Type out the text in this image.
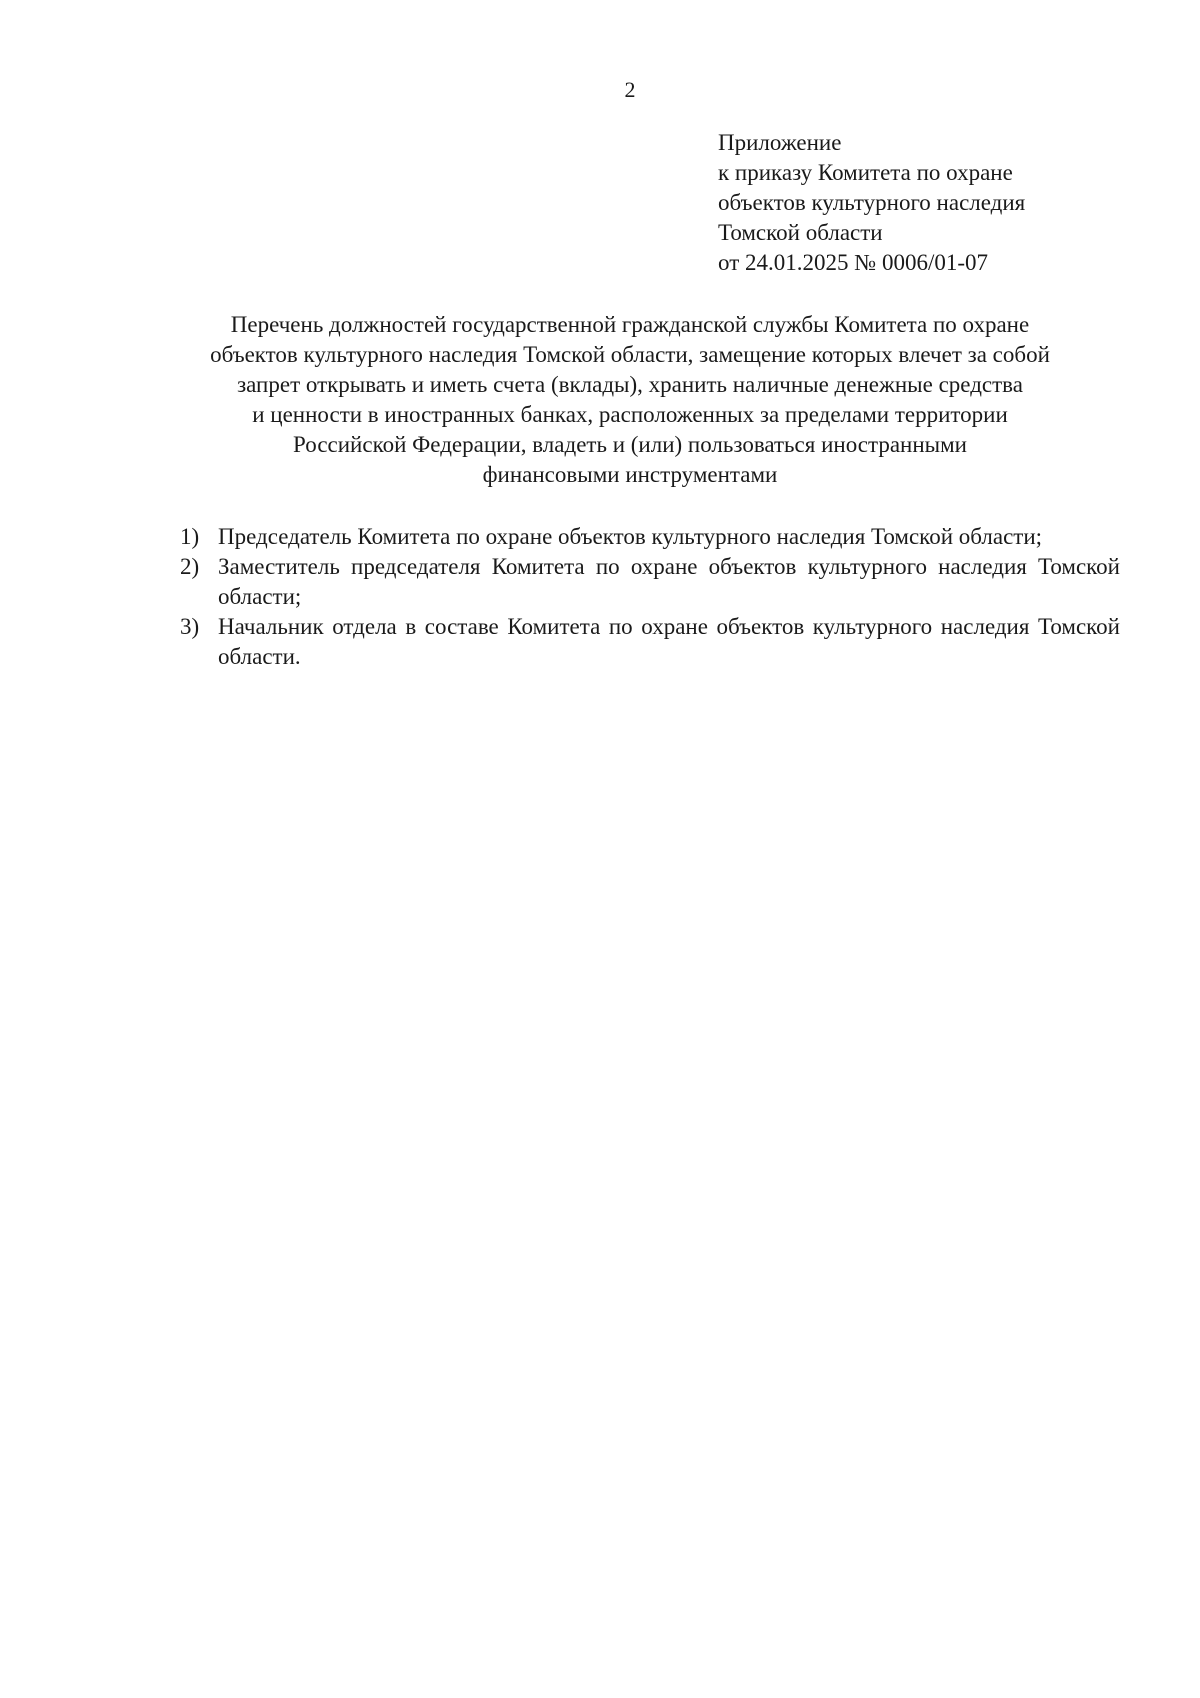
2
Приложение
к приказу Комитета по охране
объектов культурного наследия
Томской области
от 24.01.2025 № 0006/01-07
Перечень должностей государственной гражданской службы Комитета по охране
объектов культурного наследия Томской области, замещение которых влечет за собой
запрет открывать и иметь счета (вклады), хранить наличные денежные средства
и ценности в иностранных банках, расположенных за пределами территории
Российской Федерации, владеть и (или) пользоваться иностранными
финансовыми инструментами
1) Председатель Комитета по охране объектов культурного наследия Томской области;
2) Заместитель председателя Комитета по охране объектов культурного наследия Томской области;
3) Начальник отдела в составе Комитета по охране объектов культурного наследия Томской области.
